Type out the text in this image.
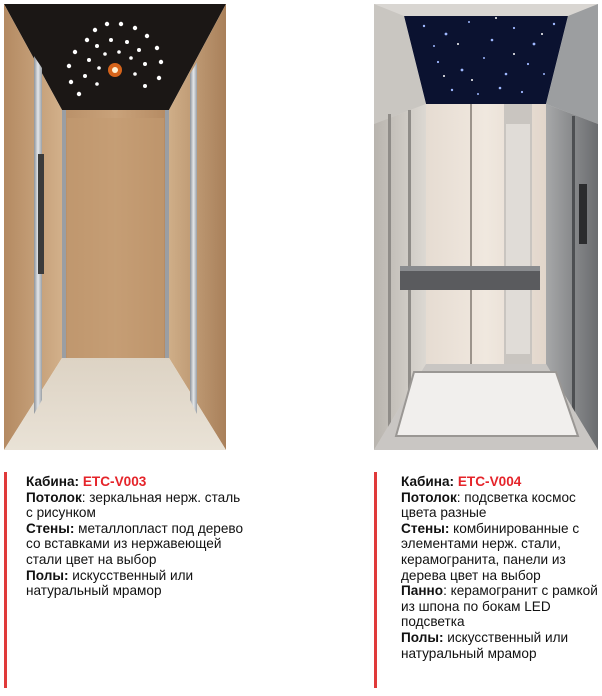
Кабина: ETC-V003

Потолок: зеркальная нерж. сталь с рисунком

Стены: металлопласт под дерево со вставками из нержавеющей стали цвет на выбор

Полы: искусственный или натуральный мрамор

Кабина: ETC-V004

Потолок: подсветка космос цвета разные

Стены: комбинированные с элементами нерж. стали, керамогранита, панели из дерева цвет на выбор

Панно: керамогранит с рамкой из шпона по бокам LED подсветка

Полы: искусственный или натуральный мрамор
